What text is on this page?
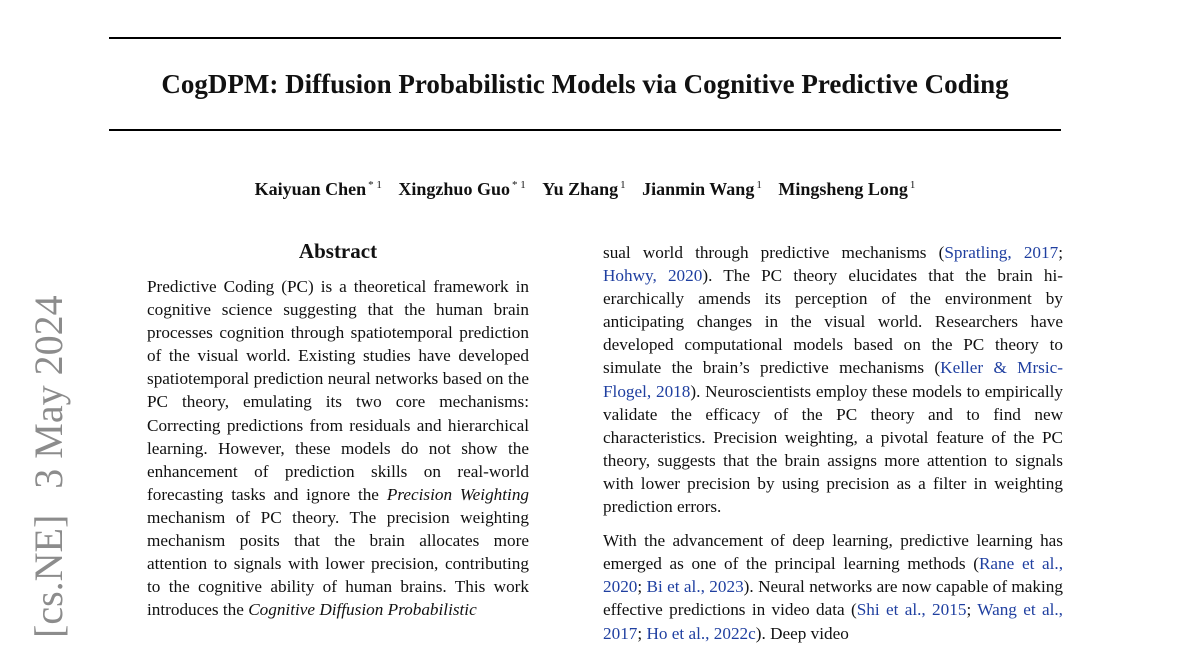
CogDPM: Diffusion Probabilistic Models via Cognitive Predictive Coding
Kaiyuan Chen $^{* 1}$ Xingzhuo Guo $^{* 1}$ Yu Zhang $^1$ Jianmin Wang $^1$ Mingsheng Long $^1$
[cs.NE]3 May 2024
Abstract

Predictive Coding (PC) is a theoretical framework in cognitive science suggesting that the human brain processes cognition through spatiotemporal prediction of the visual world. Existing studies have developed spatiotemporal prediction neural networks based on the PC theory, emulating its two core mechanisms: Correcting predictions from residuals and hierarchical learning. However, these models do not show the enhancement of prediction skills on real-world forecasting tasks and ignore the Precision Weighting mechanism of PC theory. The precision weighting mechanism posits that the brain allocates more attention to signals with lower precision, contributing to the cognitive ability of human brains. This work introduces the Cognitive Diffusion Probabilistic

sual world through predictive mechanisms (Spratling, 2017; Hohwy, 2020). The PC theory elucidates that the brain hierarchically amends its perception of the environment by anticipating changes in the visual world. Researchers have developed computational models based on the PC theory to simulate the brain’s predictive mechanisms (Keller & Mrsic-Flogel, 2018). Neuroscientists employ these models to empirically validate the efficacy of the PC theory and to find new characteristics. Precision weighting, a pivotal feature of the PC theory, suggests that the brain assigns more attention to signals with lower precision by using precision as a filter in weighting prediction errors.

With the advancement of deep learning, predictive learning has emerged as one of the principal learning methods (Rane et al., 2020; Bi et al., 2023). Neural networks are now capable of making effective predictions in video data (Shi et al., 2015; Wang et al., 2017; Ho et al., 2022c). Deep video
